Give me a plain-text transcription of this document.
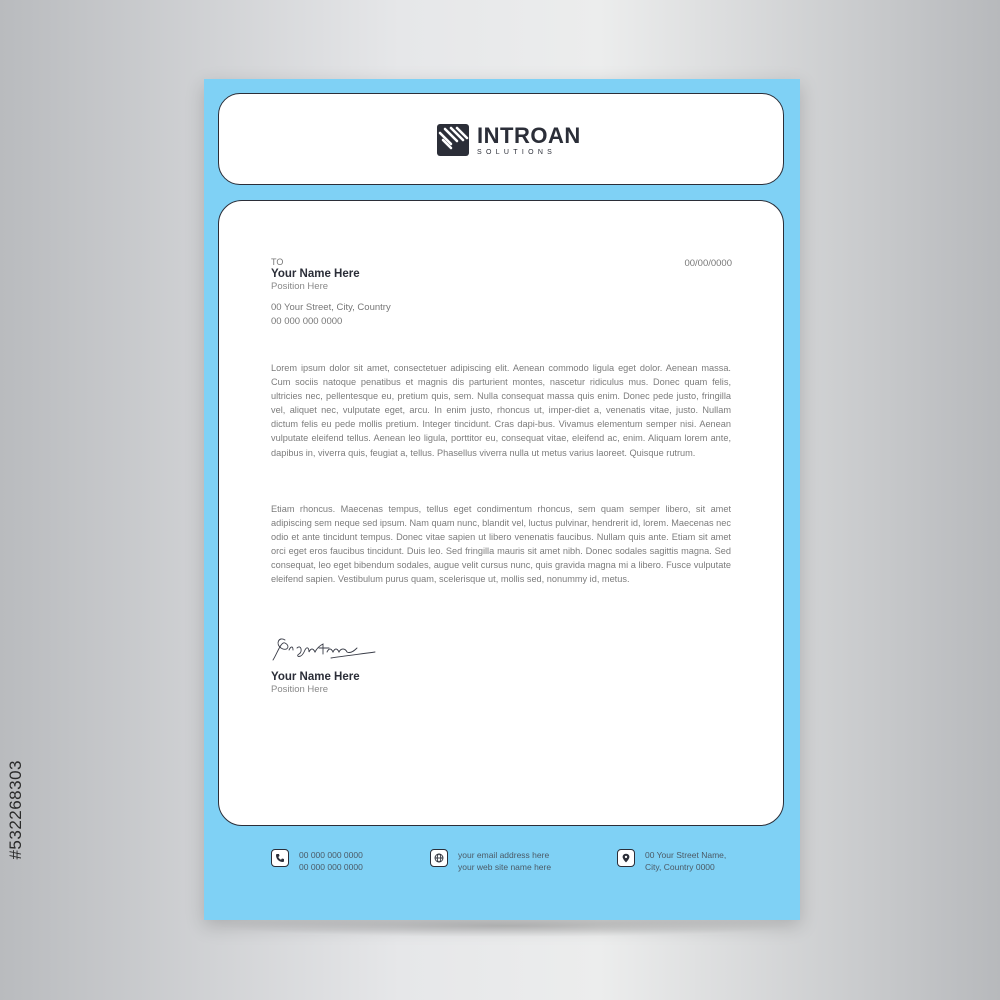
#532268303
INTROAN
SOLUTIONS
00/00/0000
TO
Your Name Here
Position Here
00 Your Street, City, Country
00 000 000 0000

Lorem ipsum dolor sit amet, consectetuer adipiscing elit. Aenean commodo ligula eget dolor. Aenean massa. Cum sociis natoque penatibus et magnis dis parturient montes, nascetur ridiculus mus. Donec quam felis, ultricies nec, pellentesque eu, pretium quis, sem. Nulla consequat massa quis enim. Donec pede justo, fringilla vel, aliquet nec, vulputate eget, arcu. In enim justo, rhoncus ut, imper-diet a, venenatis vitae, justo. Nullam dictum felis eu pede mollis pretium. Integer tincidunt. Cras dapi-bus. Vivamus elementum semper nisi. Aenean vulputate eleifend tellus. Aenean leo ligula, porttitor eu, consequat vitae, eleifend ac, enim. Aliquam lorem ante, dapibus in, viverra quis, feugiat a, tellus. Phasellus viverra nulla ut metus varius laoreet. Quisque rutrum.

Etiam rhoncus. Maecenas tempus, tellus eget condimentum rhoncus, sem quam semper libero, sit amet adipiscing sem neque sed ipsum. Nam quam nunc, blandit vel, luctus pulvinar, hendrerit id, lorem. Maecenas nec odio et ante tincidunt tempus. Donec vitae sapien ut libero venenatis faucibus. Nullam quis ante. Etiam sit amet orci eget eros faucibus tincidunt. Duis leo. Sed fringilla mauris sit amet nibh. Donec sodales sagittis magna. Sed consequat, leo eget bibendum sodales, augue velit cursus nunc, quis gravida magna mi a libero. Fusce vulputate eleifend sapien. Vestibulum purus quam, scelerisque ut, mollis sed, nonummy id, metus.

Your Name Here
Position Here
00 000 000 0000
00 000 000 0000
your email address here
your web site name here
00 Your Street Name,
City, Country 0000
